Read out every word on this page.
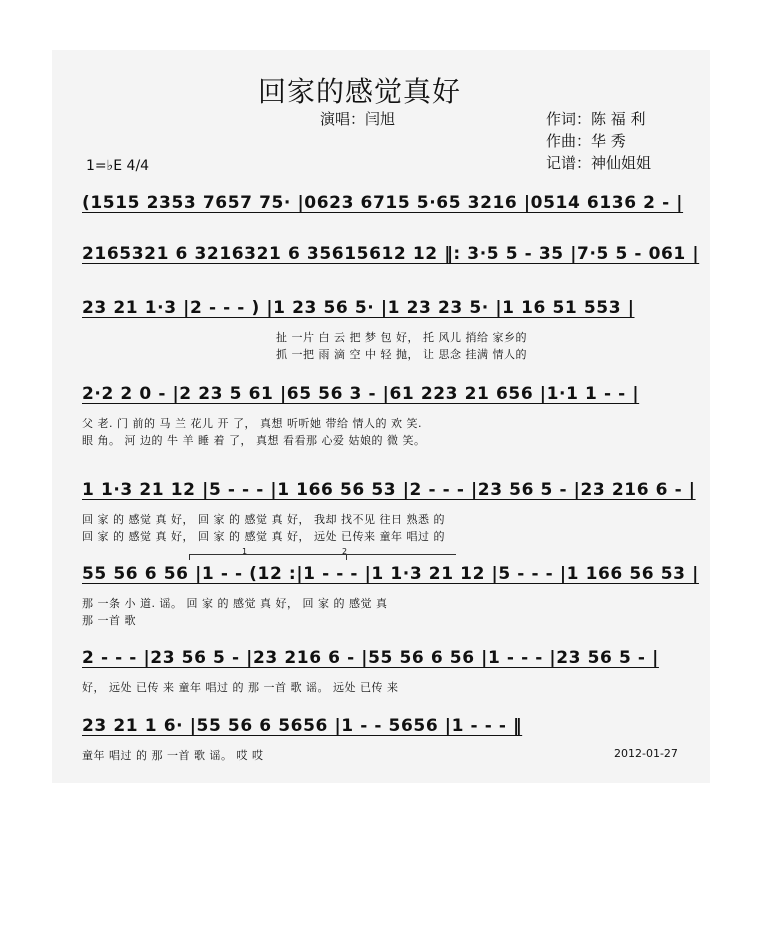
回家的感觉真好
演唱：闫旭	作词：陈 福 利
作曲：华 秀
记谱：神仙姐姐
1=♭E 4/4
(1515 2353 7657 75· |0623 6715 5·65 3216 |0514 6136 2 - |
2165321 6 3216321 6 35615612 12 ‖: 3·5 5 - 35 |7·5 5 - 061 |
23 21 1·3 |2 - - - ) |1 23 56 5· |1 23 23 5· |1 16 51 553 |
扯 一片 白 云 把 梦 包 好， 托 风儿 捎给 家乡的
抓 一把 雨 滴 空 中 轻 抛， 让 思念 挂满 情人的
2·2 2 0 - |2 23 5 61 |65 56 3 - |61 223 21 656 |1·1 1 - - |
父 老. 门 前的 马 兰 花儿 开 了， 真想 听听她 带给 情人的 欢 笑.
眼 角。 河 边的 牛 羊 睡 着 了， 真想 看看那 心爱 姑娘的 微 笑。
1 1·3 21 12 |5 - - - |1 166 56 53 |2 - - - |23 56 5 - |23 216 6 - |
回 家 的 感觉 真 好， 回 家 的 感觉 真 好， 我却 找不见 往日 熟悉 的
回 家 的 感觉 真 好， 回 家 的 感觉 真 好， 远处 已传来 童年 唱过 的
1	2
55 56 6 56 |1 - - (12 :|1 - - - |1 1·3 21 12 |5 - - - |1 166 56 53 |
那 一条 小 道. 谣。 回 家 的 感觉 真 好， 回 家 的 感觉 真
那 一首 歌
2 - - - |23 56 5 - |23 216 6 - |55 56 6 56 |1 - - - |23 56 5 - |
好， 远处 已传 来 童年 唱过 的 那 一首 歌 谣。 远处 已传 来
23 21 1 6· |55 56 6 5656 |1 - - 5656 |1 - - - ‖
童年 唱过 的 那 一首 歌 谣。 哎 哎	2012-01-27
